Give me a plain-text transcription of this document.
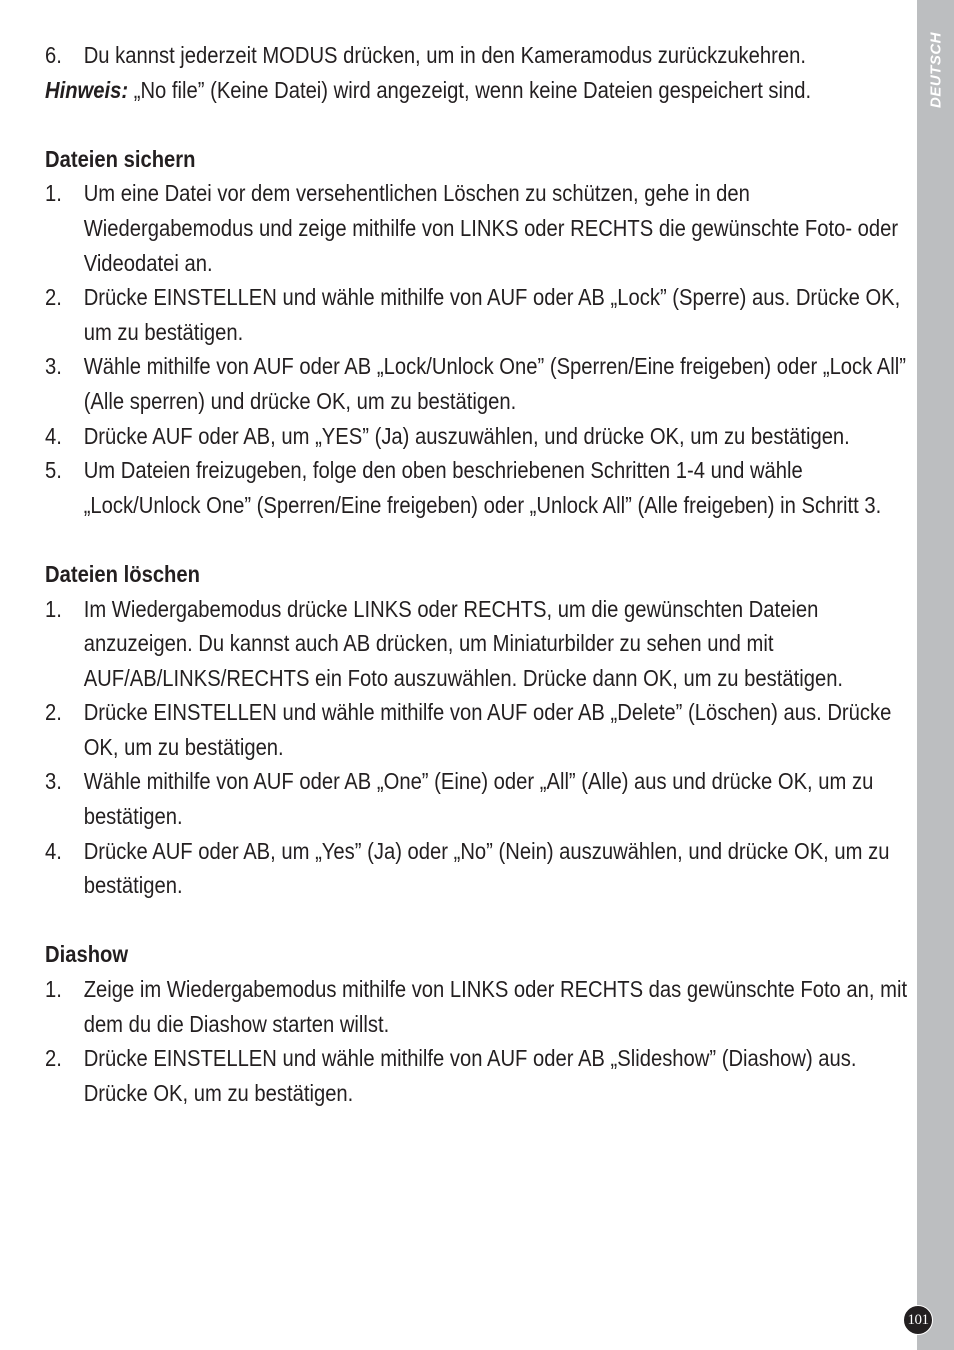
DEUTSCH
101
6. Du kannst jederzeit MODUS drücken, um in den Kameramodus zurückzukehren.

Hinweis: „No file” (Keine Datei) wird angezeigt, wenn keine Dateien gespeichert sind.

Dateien sichern

1. Um eine Datei vor dem versehentlichen Löschen zu schützen, gehe in den Wiedergabemodus und zeige mithilfe von LINKS oder RECHTS die gewünschte Foto- oder Videodatei an.
2. Drücke EINSTELLEN und wähle mithilfe von AUF oder AB „Lock” (Sperre) aus. Drücke OK, um zu bestätigen.
3. Wähle mithilfe von AUF oder AB „Lock/Unlock One” (Sperren/Eine freigeben) oder „Lock All” (Alle sperren) und drücke OK, um zu bestätigen.
4. Drücke AUF oder AB, um „YES” (Ja) auszuwählen, und drücke OK, um zu bestätigen.
5. Um Dateien freizugeben, folge den oben beschriebenen Schritten 1-4 und wähle „Lock/Unlock One” (Sperren/Eine freigeben) oder „Unlock All” (Alle freigeben) in Schritt 3.

Dateien löschen

1. Im Wiedergabemodus drücke LINKS oder RECHTS, um die gewünschten Dateien anzuzeigen. Du kannst auch AB drücken, um Miniaturbilder zu sehen und mit AUF/AB/LINKS/RECHTS ein Foto auszuwählen. Drücke dann OK, um zu bestätigen.
2. Drücke EINSTELLEN und wähle mithilfe von AUF oder AB „Delete” (Löschen) aus. Drücke OK, um zu bestätigen.
3. Wähle mithilfe von AUF oder AB „One” (Eine) oder „All” (Alle) aus und drücke OK, um zu bestätigen.
4. Drücke AUF oder AB, um „Yes” (Ja) oder „No” (Nein) auszuwählen, und drücke OK, um zu bestätigen.

Diashow

1. Zeige im Wiedergabemodus mithilfe von LINKS oder RECHTS das gewünschte Foto an, mit dem du die Diashow starten willst.
2. Drücke EINSTELLEN und wähle mithilfe von AUF oder AB „Slideshow” (Diashow) aus. Drücke OK, um zu bestätigen.
